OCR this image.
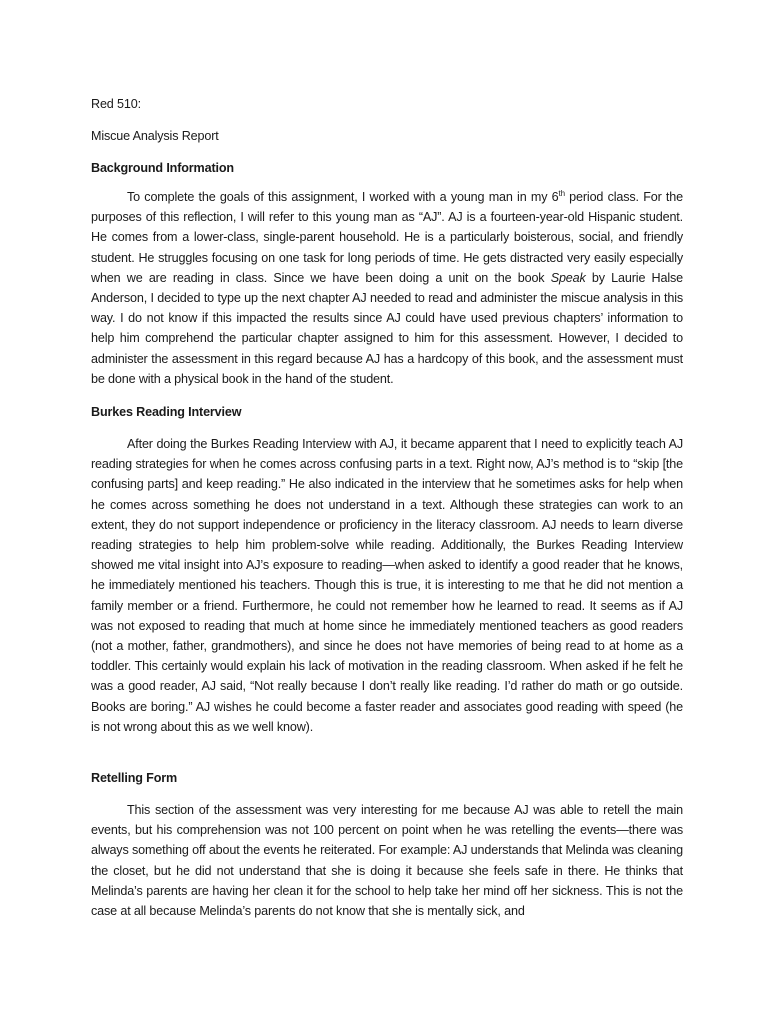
Red 510:
Miscue Analysis Report
Background Information

To complete the goals of this assignment, I worked with a young man in my 6th period class. For the purposes of this reflection, I will refer to this young man as “AJ”. AJ is a fourteen-year-old Hispanic student. He comes from a lower-class, single-parent household. He is a particularly boisterous, social, and friendly student. He struggles focusing on one task for long periods of time. He gets distracted very easily especially when we are reading in class. Since we have been doing a unit on the book Speak by Laurie Halse Anderson, I decided to type up the next chapter AJ needed to read and administer the miscue analysis in this way. I do not know if this impacted the results since AJ could have used previous chapters’ information to help him comprehend the particular chapter assigned to him for this assessment. However, I decided to administer the assessment in this regard because AJ has a hardcopy of this book, and the assessment must be done with a physical book in the hand of the student.

Burkes Reading Interview

After doing the Burkes Reading Interview with AJ, it became apparent that I need to explicitly teach AJ reading strategies for when he comes across confusing parts in a text. Right now, AJ’s method is to “skip [the confusing parts] and keep reading.” He also indicated in the interview that he sometimes asks for help when he comes across something he does not understand in a text. Although these strategies can work to an extent, they do not support independence or proficiency in the literacy classroom. AJ needs to learn diverse reading strategies to help him problem-solve while reading. Additionally, the Burkes Reading Interview showed me vital insight into AJ’s exposure to reading—when asked to identify a good reader that he knows, he immediately mentioned his teachers. Though this is true, it is interesting to me that he did not mention a family member or a friend. Furthermore, he could not remember how he learned to read. It seems as if AJ was not exposed to reading that much at home since he immediately mentioned teachers as good readers (not a mother, father, grandmothers), and since he does not have memories of being read to at home as a toddler. This certainly would explain his lack of motivation in the reading classroom. When asked if he felt he was a good reader, AJ said, “Not really because I don’t really like reading. I’d rather do math or go outside. Books are boring.” AJ wishes he could become a faster reader and associates good reading with speed (he is not wrong about this as we well know).

Retelling Form

This section of the assessment was very interesting for me because AJ was able to retell the main events, but his comprehension was not 100 percent on point when he was retelling the events—there was always something off about the events he reiterated. For example: AJ understands that Melinda was cleaning the closet, but he did not understand that she is doing it because she feels safe in there. He thinks that Melinda’s parents are having her clean it for the school to help take her mind off her sickness. This is not the case at all because Melinda’s parents do not know that she is mentally sick, and
